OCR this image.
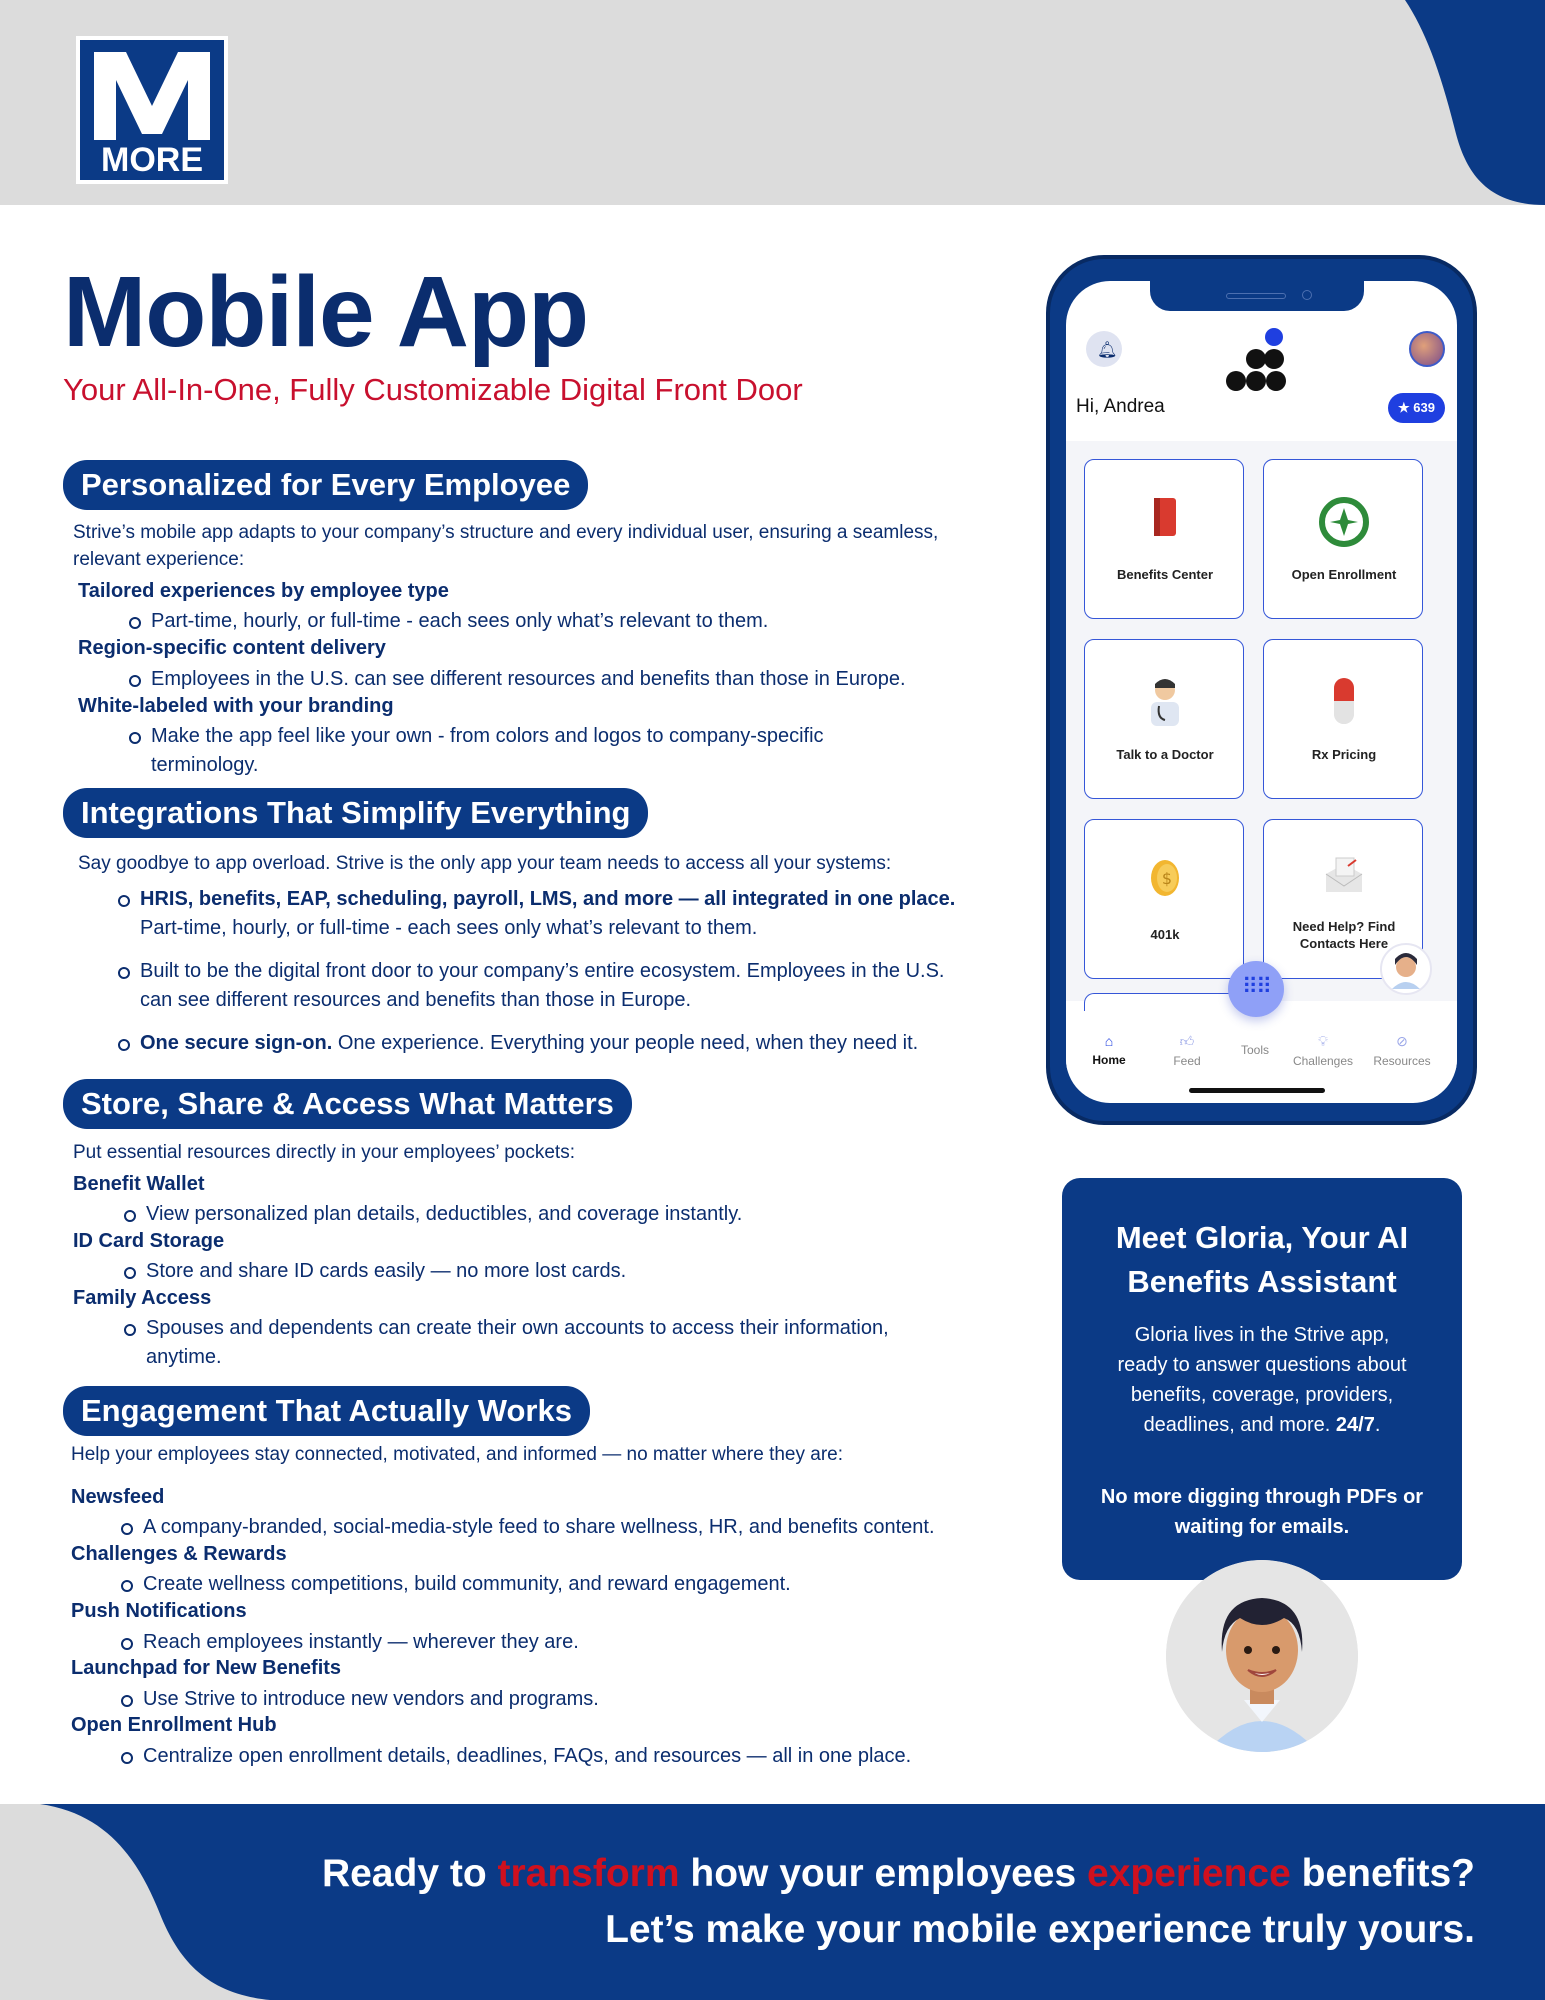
MORE
Mobile App
Your All-In-One, Fully Customizable Digital Front Door
Personalized for Every Employee
Strive’s mobile app adapts to your company’s structure and every individual user, ensuring a seamless,
relevant experience:
Tailored experiences by employee type
Part-time, hourly, or full-time - each sees only what’s relevant to them.
Region-specific content delivery
Employees in the U.S. can see different resources and benefits than those in Europe.
White-labeled with your branding
Make the app feel like your own - from colors and logos to company-specific
terminology.
Integrations That Simplify Everything
Say goodbye to app overload. Strive is the only app your team needs to access all your systems:
HRIS, benefits, EAP, scheduling, payroll, LMS, and more — all integrated in one place.
Part-time, hourly, or full-time - each sees only what’s relevant to them.
Built to be the digital front door to your company’s entire ecosystem. Employees in the U.S.
can see different resources and benefits than those in Europe.
One secure sign-on. One experience. Everything your people need, when they need it.
Store, Share & Access What Matters
Put essential resources directly in your employees’ pockets:
Benefit Wallet
View personalized plan details, deductibles, and coverage instantly.
ID Card Storage
Store and share ID cards easily — no more lost cards.
Family Access
Spouses and dependents can create their own accounts to access their information,
anytime.
Engagement That Actually Works
Help your employees stay connected, motivated, and informed — no matter where they are:
Newsfeed
A company-branded, social-media-style feed to share wellness, HR, and benefits content.
Challenges & Rewards
Create wellness competitions, build community, and reward engagement.
Push Notifications
Reach employees instantly — wherever they are.
Launchpad for New Benefits
Use Strive to introduce new vendors and programs.
Open Enrollment Hub
Centralize open enrollment details, deadlines, FAQs, and resources — all in one place.
🔔︎
Hi, Andrea	★ 639
Benefits Center	Open Enrollment
Talk to a Doctor	Rx Pricing
$
401k
Need Help? Find Contacts Here
⌂
Home
👍︎
Feed
Tools
💡︎
Challenges
⊘
Resources
⠿⠿
Meet Gloria, Your AI Benefits Assistant
Gloria lives in the Strive app, ready to answer questions about benefits, coverage, providers, deadlines, and more. 24/7.
No more digging through PDFs or waiting for emails.
Ready to transform how your employees experience benefits?
Let’s make your mobile experience truly yours.
